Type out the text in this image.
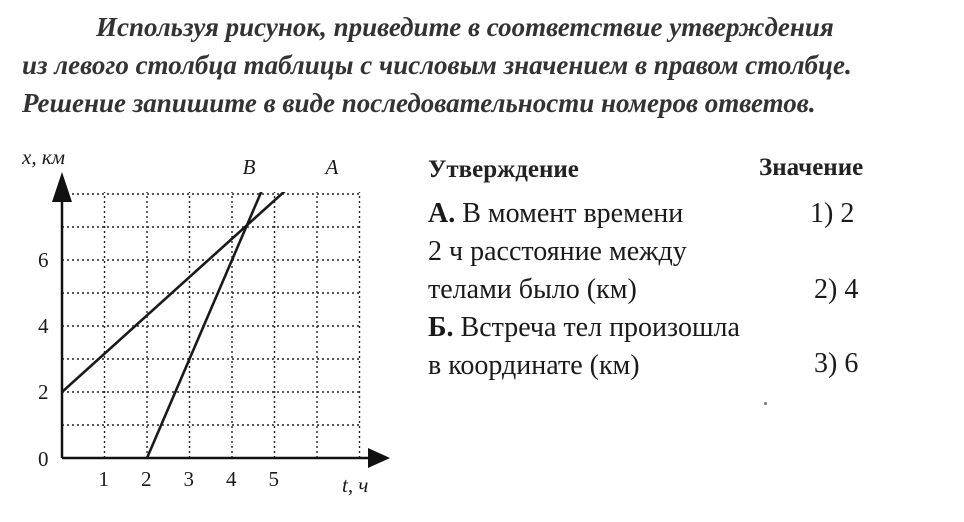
Используя рисунок, приведите в соответствие утверждения
из левого столбца таблицы с числовым значением в правом столбце.
Решение запишите в виде последовательности номеров ответов.
2
4
6
1 2 3 4 5
0
x, км
t, ч
B	A	Утверждение	Значение
А. В момент времени
2 ч расстояние между
телами было (км)
Б. Встреча тел произошла
в координате (км)
1) 2
2) 4
3) 6
